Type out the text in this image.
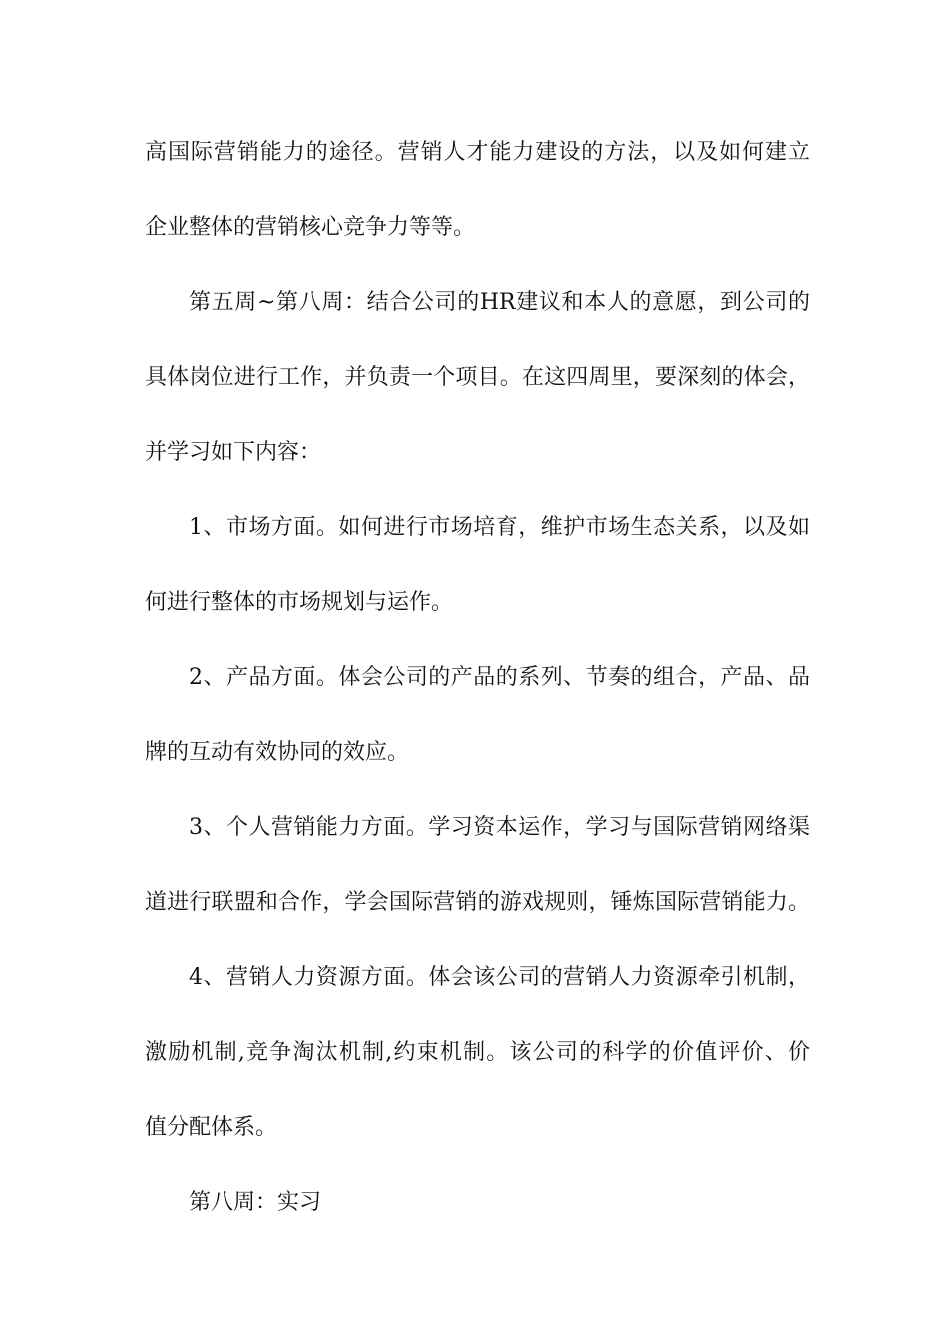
高国际营销能力的途径。营销人才能力建设的方法，以及如何建立
企业整体的营销核心竞争力等等。
第五周~第八周：结合公司的HR建议和本人的意愿，到公司的
具体岗位进行工作，并负责一个项目。在这四周里，要深刻的体会，
并学习如下内容：
1、市场方面。如何进行市场培育，维护市场生态关系，以及如
何进行整体的市场规划与运作。
2、产品方面。体会公司的产品的系列、节奏的组合，产品、品
牌的互动有效协同的效应。
3、个人营销能力方面。学习资本运作，学习与国际营销网络渠
道进行联盟和合作，学会国际营销的游戏规则，锤炼国际营销能力。
4、营销人力资源方面。体会该公司的营销人力资源牵引机制，
激励机制,竞争淘汰机制,约束机制。该公司的科学的价值评价、价
值分配体系。
第八周：实习
